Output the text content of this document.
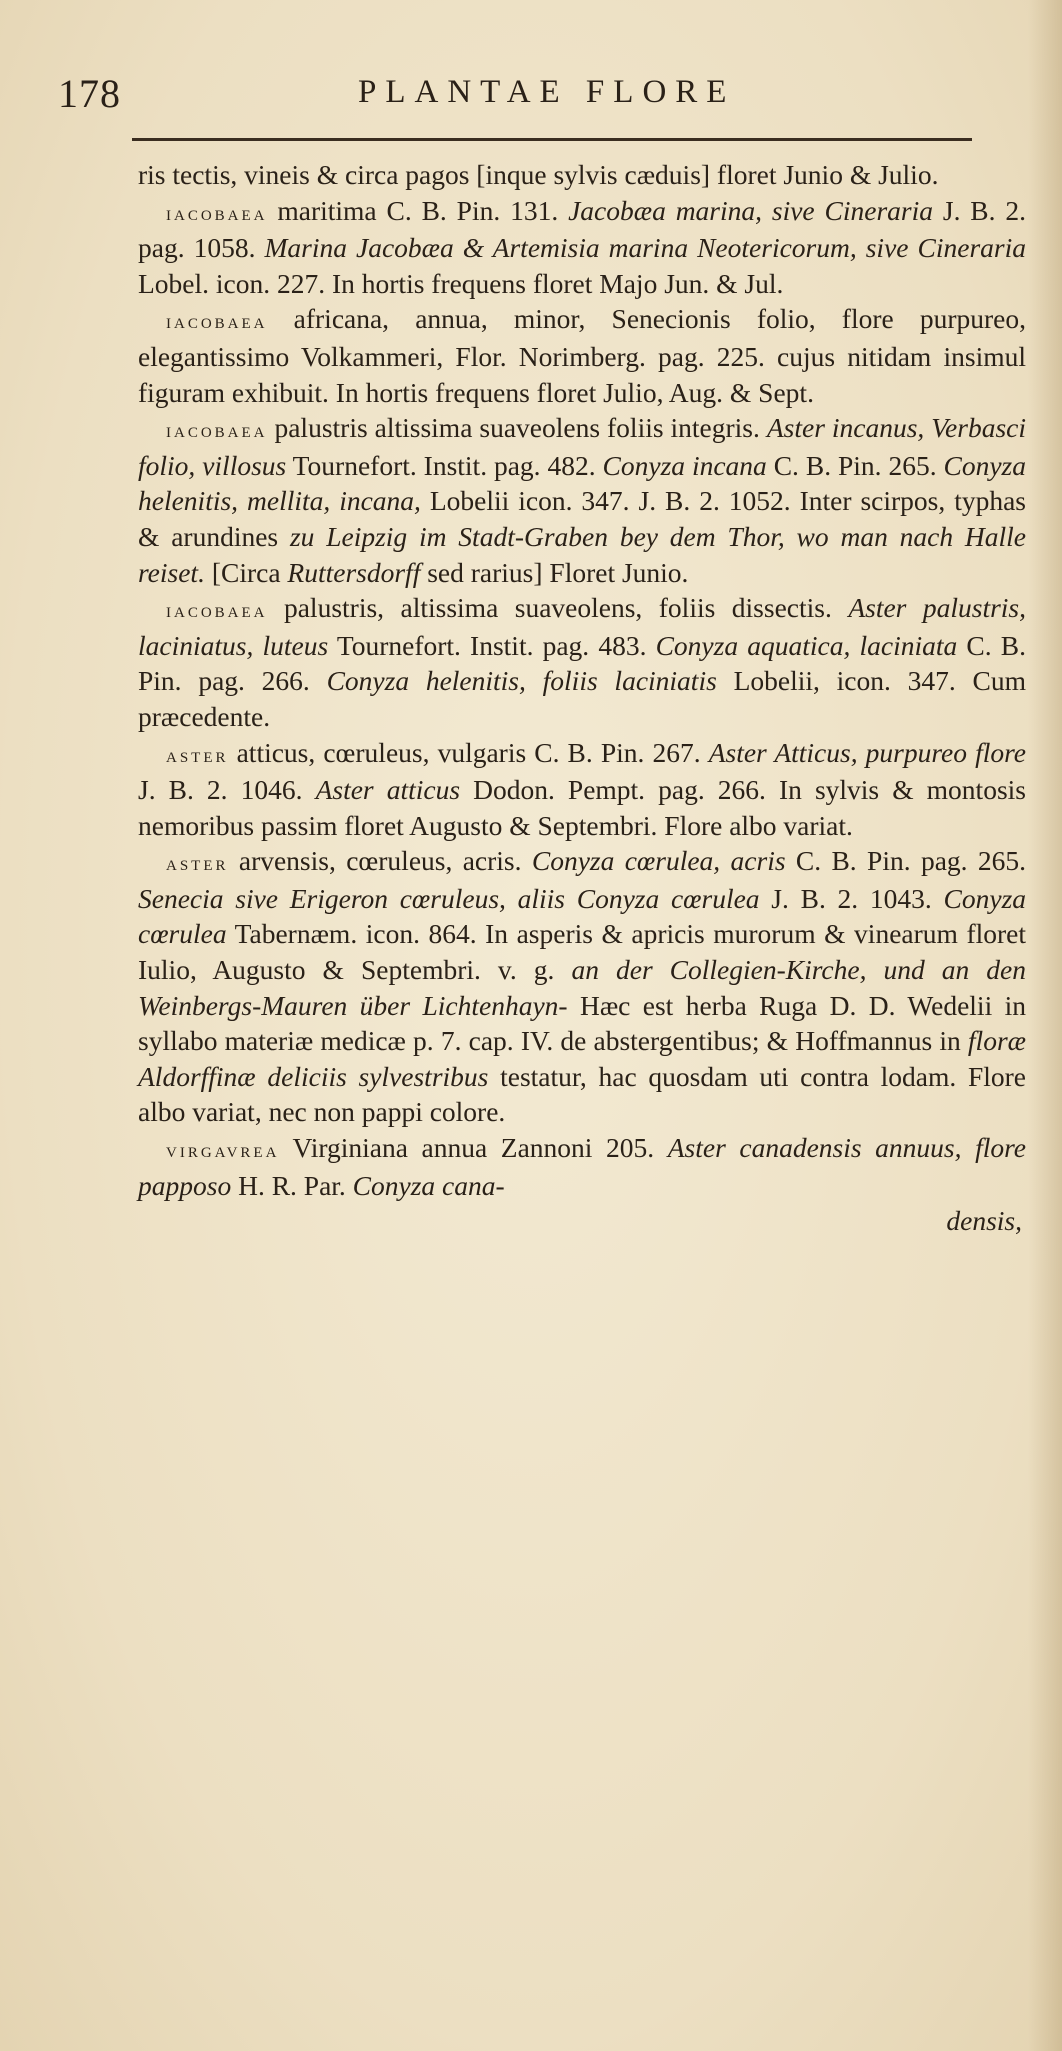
178	PLANTAE FLORE

ris tectis, vineis & circa pagos [inque sylvis cæduis] floret Junio & Julio.

iacobaea maritima C. B. Pin. 131. Jacobæa marina, sive Cineraria J. B. 2. pag. 1058. Marina Jacobæa & Artemisia marina Neotericorum, sive Cineraria Lobel. icon. 227. In hortis frequens floret Majo Jun. & Jul.

iacobaea africana, annua, minor, Senecionis folio, flore purpureo, elegantissimo Volkammeri, Flor. Norimberg. pag. 225. cujus nitidam insimul figuram exhibuit. In hortis frequens floret Julio, Aug. & Sept.

iacobaea palustris altissima suaveolens foliis integris. Aster incanus, Verbasci folio, villosus Tournefort. Instit. pag. 482. Conyza incana C. B. Pin. 265. Conyza helenitis, mellita, incana, Lobelii icon. 347. J. B. 2. 1052. Inter scirpos, typhas & arundines zu Leipzig im Stadt-Graben bey dem Thor, wo man nach Halle reiset. [Circa Ruttersdorff sed rarius] Floret Junio.

iacobaea palustris, altissima suaveolens, foliis dissectis. Aster palustris, laciniatus, luteus Tournefort. Instit. pag. 483. Conyza aquatica, laciniata C. B. Pin. pag. 266. Conyza helenitis, foliis laciniatis Lobelii, icon. 347. Cum præcedente.

aster atticus, cœruleus, vulgaris C. B. Pin. 267. Aster Atticus, purpureo flore J. B. 2. 1046. Aster atticus Dodon. Pempt. pag. 266. In sylvis & montosis nemoribus passim floret Augusto & Septembri. Flore albo variat.

aster arvensis, cœruleus, acris. Conyza cœrulea, acris C. B. Pin. pag. 265. Senecia sive Erigeron cœruleus, aliis Conyza cœrulea J. B. 2. 1043. Conyza cœrulea Tabernæm. icon. 864. In asperis & apricis murorum & vinearum floret Iulio, Augusto & Septembri. v. g. an der Collegien-Kirche, und an den Weinbergs-Mauren über Lichtenhayn- Hæc est herba Ruga D. D. Wedelii in syllabo materiæ medicæ p. 7. cap. IV. de abstergentibus; & Hoffmannus in floræ Aldorffinæ deliciis sylvestribus testatur, hac quosdam uti contra lodam. Flore albo variat, nec non pappi colore.

virgavrea Virginiana annua Zannoni 205. Aster canadensis annuus, flore papposo H. R. Par. Conyza cana-

densis,
